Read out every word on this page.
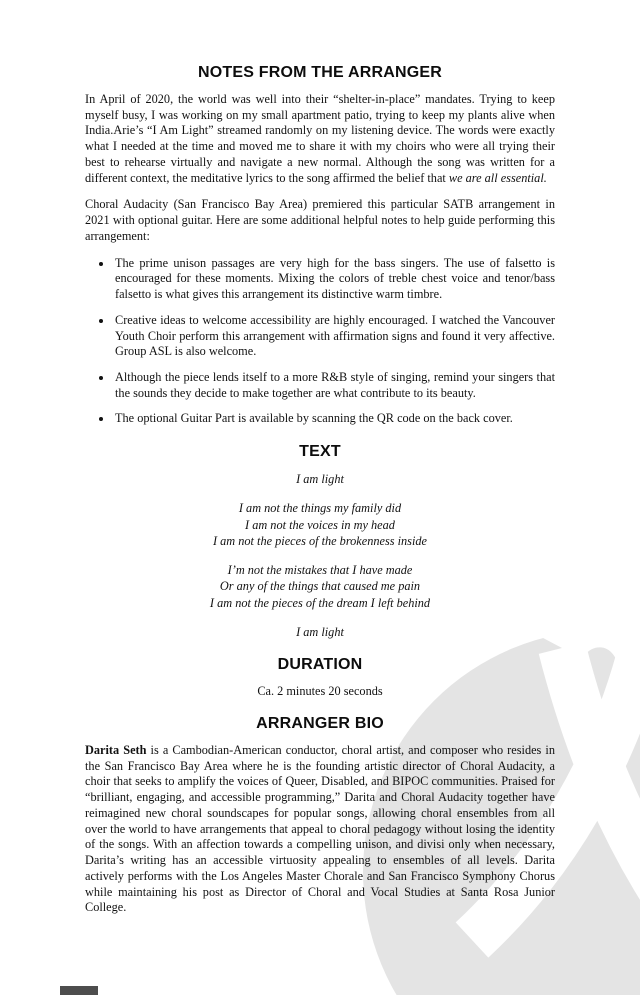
NOTES FROM THE ARRANGER

In April of 2020, the world was well into their “shelter-in-place” mandates. Trying to keep myself busy, I was working on my small apartment patio, trying to keep my plants alive when India.Arie’s “I Am Light” streamed randomly on my listening device. The words were exactly what I needed at the time and moved me to share it with my choirs who were all trying their best to rehearse virtually and navigate a new normal. Although the song was written for a different context, the meditative lyrics to the song affirmed the belief that we are all essential.

Choral Audacity (San Francisco Bay Area) premiered this particular SATB arrangement in 2021 with optional guitar. Here are some additional helpful notes to help guide performing this arrangement:

• The prime unison passages are very high for the bass singers. The use of falsetto is encouraged for these moments. Mixing the colors of treble chest voice and tenor/bass falsetto is what gives this arrangement its distinctive warm timbre.
• Creative ideas to welcome accessibility are highly encouraged. I watched the Vancouver Youth Choir perform this arrangement with affirmation signs and found it very affective. Group ASL is also welcome.
• Although the piece lends itself to a more R&B style of singing, remind your singers that the sounds they decide to make together are what contribute to its beauty.
• The optional Guitar Part is available by scanning the QR code on the back cover.
TEXT
I am light
I am not the things my family did
I am not the voices in my head
I am not the pieces of the brokenness inside
I’m not the mistakes that I have made
Or any of the things that caused me pain
I am not the pieces of the dream I left behind
I am light
DURATION

Ca. 2 minutes 20 seconds

ARRANGER BIO

Darita Seth is a Cambodian-American conductor, choral artist, and composer who resides in the San Francisco Bay Area where he is the founding artistic director of Choral Audacity, a choir that seeks to amplify the voices of Queer, Disabled, and BIPOC communities. Praised for “brilliant, engaging, and accessible programming,” Darita and Choral Audacity together have reimagined new choral soundscapes for popular songs, allowing choral ensembles from all over the world to have arrangements that appeal to choral pedagogy without losing the identity of the songs. With an affection towards a compelling unison, and divisi only when necessary, Darita’s writing has an accessible virtuosity appealing to ensembles of all levels. Darita actively performs with the Los Angeles Master Chorale and San Francisco Symphony Chorus while maintaining his post as Director of Choral and Vocal Studies at Santa Rosa Junior College.
